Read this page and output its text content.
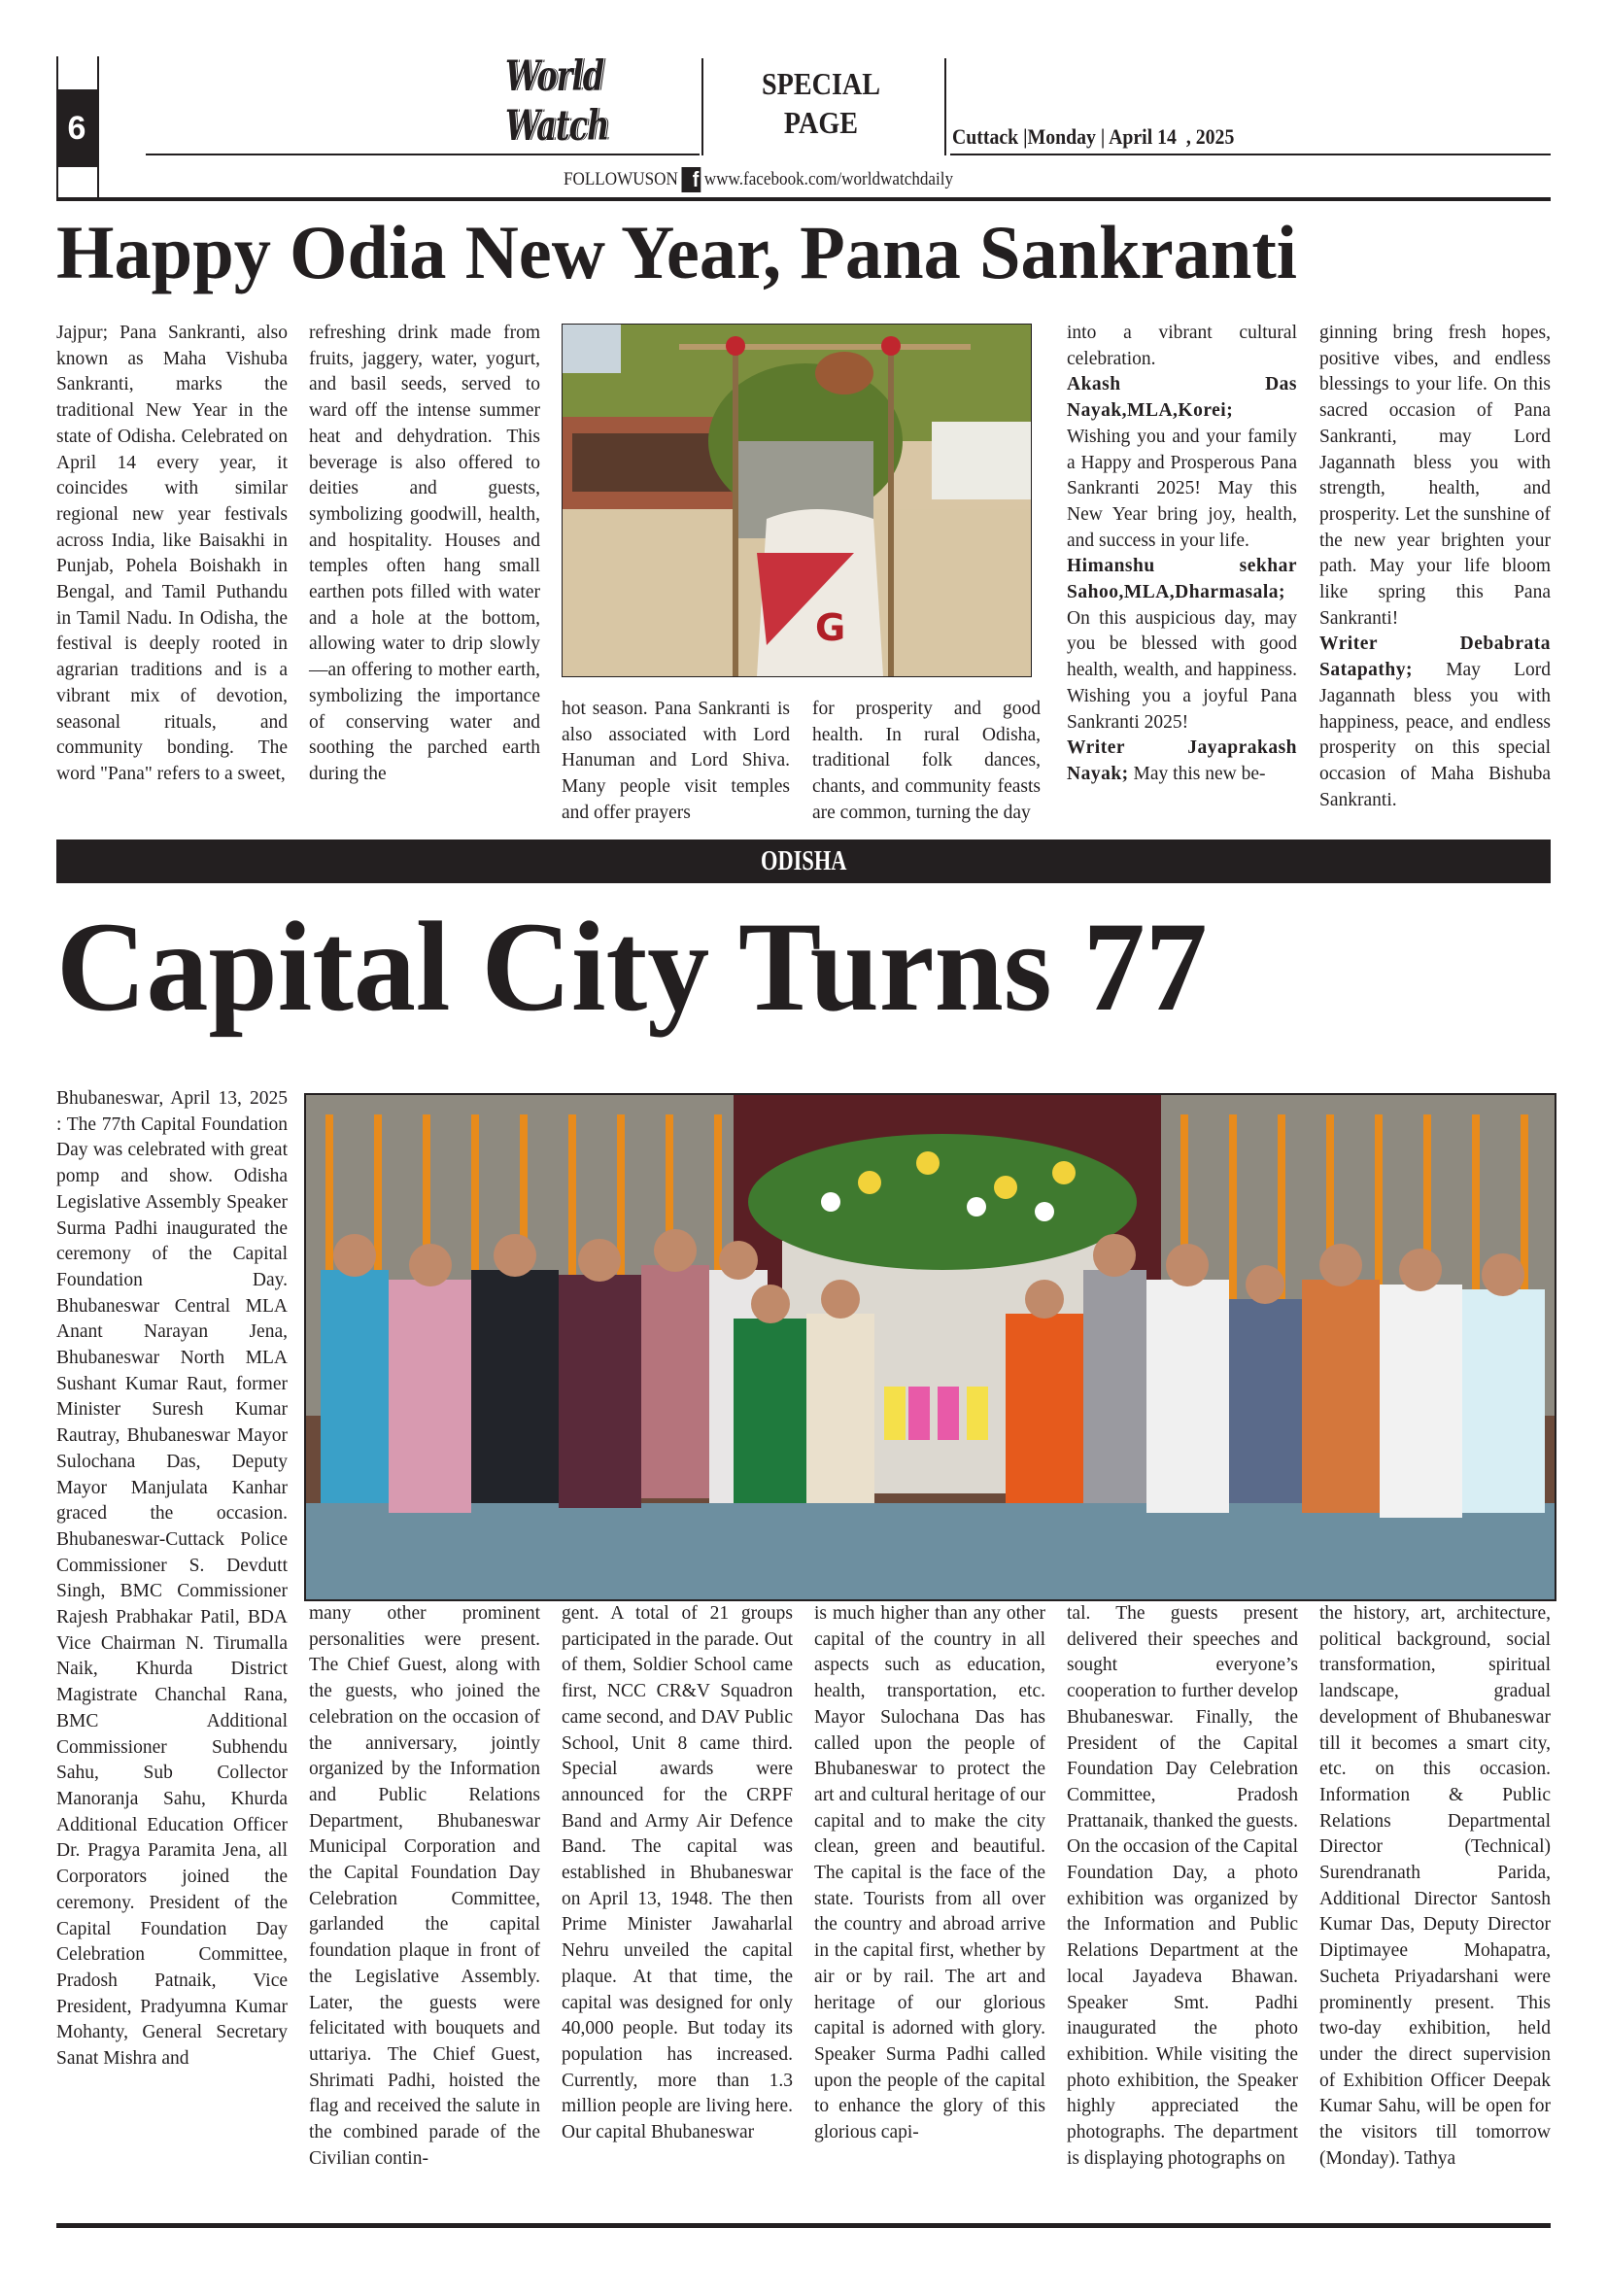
6
World Watch
SPECIAL
PAGE	Cuttack |Monday | April 14  , 2025
FOLLOWUSON f www.facebook.com/worldwatchdaily
Happy Odia New Year, Pana Sankranti
Jajpur; Pana Sankranti, also known as Maha Vishuba Sankranti, marks the traditional New Year in the state of Odisha. Celebrated on April 14 every year, it coincides with similar regional new year festivals across India, like Baisakhi in Punjab, Pohela Boishakh in Bengal, and Tamil Puthandu in Tamil Nadu. In Odisha, the festival is deeply rooted in agrarian traditions and is a vibrant mix of devotion, seasonal rituals, and community bonding. The word "Pana" refers to a sweet,
refreshing drink made from fruits, jaggery, water, yogurt, and basil seeds, served to ward off the intense summer heat and dehydration. This beverage is also offered to deities and guests, symbolizing goodwill, health, and hospitality. Houses and temples often hang small earthen pots filled with water and a hole at the bottom, allowing water to drip slowly—an offering to mother earth, symbolizing the importance of conserving water and soothing the parched earth during the
G
hot season. Pana Sankranti is also associated with Lord Hanuman and Lord Shiva. Many people visit temples and offer prayers
for prosperity and good health. In rural Odisha, traditional folk dances, chants, and community feasts are common, turning the day
into a vibrant cultural celebration.
Akash Das Nayak,MLA,Korei; Wishing you and your family a Happy and Prosperous Pana Sankranti 2025! May this New Year bring joy, health, and success in your life.
Himanshu sekhar Sahoo,MLA,Dharmasala; On this auspicious day, may you be blessed with good health, wealth, and happiness. Wishing you a joyful Pana Sankranti 2025!
Writer Jayaprakash Nayak; May this new be-
ginning bring fresh hopes, positive vibes, and endless blessings to your life. On this sacred occasion of Pana Sankranti, may Lord Jagannath bless you with strength, health, and prosperity. Let the sunshine of the new year brighten your path. May your life bloom like spring this Pana Sankranti!
Writer Debabrata Satapathy; May Lord Jagannath bless you with happiness, peace, and endless prosperity on this special occasion of Maha Bishuba Sankranti.
ODISHA
Capital City Turns 77
Bhubaneswar, April 13, 2025 : The 77th Capital Foundation Day was celebrated with great pomp and show. Odisha Legislative Assembly Speaker Surma Padhi inaugurated the ceremony of the Capital Foundation Day. Bhubaneswar Central MLA Anant Narayan Jena, Bhubaneswar North MLA Sushant Kumar Raut, former Minister Suresh Kumar Rautray, Bhubaneswar Mayor Sulochana Das, Deputy Mayor Manjulata Kanhar graced the occasion. Bhubaneswar-Cuttack Police Commissioner S. Devdutt Singh, BMC Commissioner Rajesh Prabhakar Patil, BDA Vice Chairman N. Tirumalla Naik, Khurda District Magistrate Chanchal Rana, BMC Additional Commissioner Subhendu Sahu, Sub Collector Manoranja Sahu, Khurda Additional Education Officer Dr. Pragya Paramita Jena, all Corporators joined the ceremony. President of the Capital Foundation Day Celebration Committee, Pradosh Patnaik, Vice President, Pradyumna Kumar Mohanty, General Secretary Sanat Mishra and
many other prominent personalities were present. The Chief Guest, along with the guests, who joined the celebration on the occasion of the anniversary, jointly organized by the Information and Public Relations Department, Bhubaneswar Municipal Corporation and the Capital Foundation Day Celebration Committee, garlanded the capital foundation plaque in front of the Legislative Assembly. Later, the guests were felicitated with bouquets and uttariya. The Chief Guest, Shrimati Padhi, hoisted the flag and received the salute in the combined parade of the Civilian contin-
gent. A total of 21 groups participated in the parade. Out of them, Soldier School came first, NCC CR&V Squadron came second, and DAV Public School, Unit 8 came third. Special awards were announced for the CRPF Band and Army Air Defence Band. The capital was established in Bhubaneswar on April 13, 1948. The then Prime Minister Jawaharlal Nehru unveiled the capital plaque. At that time, the capital was designed for only 40,000 people. But today its population has increased. Currently, more than 1.3 million people are living here. Our capital Bhubaneswar
is much higher than any other capital of the country in all aspects such as education, health, transportation, etc. Mayor Sulochana Das has called upon the people of Bhubaneswar to protect the art and cultural heritage of our capital and to make the city clean, green and beautiful. The capital is the face of the state. Tourists from all over the country and abroad arrive in the capital first, whether by air or by rail. The art and heritage of our glorious capital is adorned with glory. Speaker Surma Padhi called upon the people of the capital to enhance the glory of this glorious capi-
tal. The guests present delivered their speeches and sought everyone’s cooperation to further develop Bhubaneswar. Finally, the President of the Capital Foundation Day Celebration Committee, Pradosh Prattanaik, thanked the guests. On the occasion of the Capital Foundation Day, a photo exhibition was organized by the Information and Public Relations Department at the local Jayadeva Bhawan. Speaker Smt. Padhi inaugurated the photo exhibition. While visiting the photo exhibition, the Speaker highly appreciated the photographs. The department is displaying photographs on
the history, art, architecture, political background, social transformation, spiritual landscape, gradual development of Bhubaneswar till it becomes a smart city, etc. on this occasion. Information & Public Relations Departmental Director (Technical) Surendranath Parida, Additional Director Santosh Kumar Das, Deputy Director Diptimayee Mohapatra, Sucheta Priyadarshani were prominently present. This two-day exhibition, held under the direct supervision of Exhibition Officer Deepak Kumar Sahu, will be open for the visitors till tomorrow (Monday). Tathya
